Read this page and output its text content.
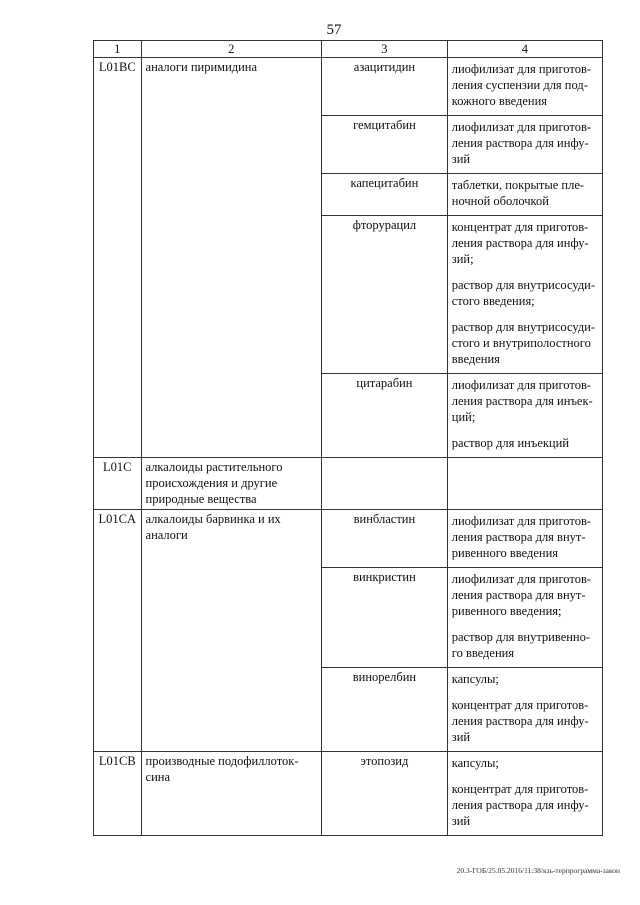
57
1	2	3	4
L01BC	аналоги пиримидина	азацитидин	лиофилизат для приготов-ления суспензии для под-кожного введения

		гемцитабин	лиофилизат для приготов-ления раствора для инфу-зий

		капецитабин	таблетки, покрытые пле-ночной оболочкой

		фторурацил	концентрат для приготов-ления раствора для инфу-зий;
раствор для внутрисосуди-стого введения;
раствор для внутрисосуди-стого и внутриполостного введения

		цитарабин	лиофилизат для приготов-ления раствора для инъек-ций;
раствор для инъекций

L01C	алкалоиды растительного происхождения и другие природные вещества		
L01CA	алкалоиды барвинка и их аналоги	винбластин	лиофилизат для приготов-ления раствора для внут-ривенного введения

		винкристин	лиофилизат для приготов-ления раствора для внут-ривенного введения;
раствор для внутривенно-го введения

		винорелбин	капсулы;
концентрат для приготов-ления раствора для инфу-зий

L01CB	производные подофиллоток-сина	этопозид	капсулы;
концентрат для приготов-ления раствора для инфу-зий
20.3-ГОБ/25.05.2016/11:38/кзь-терпрограмма-закон
